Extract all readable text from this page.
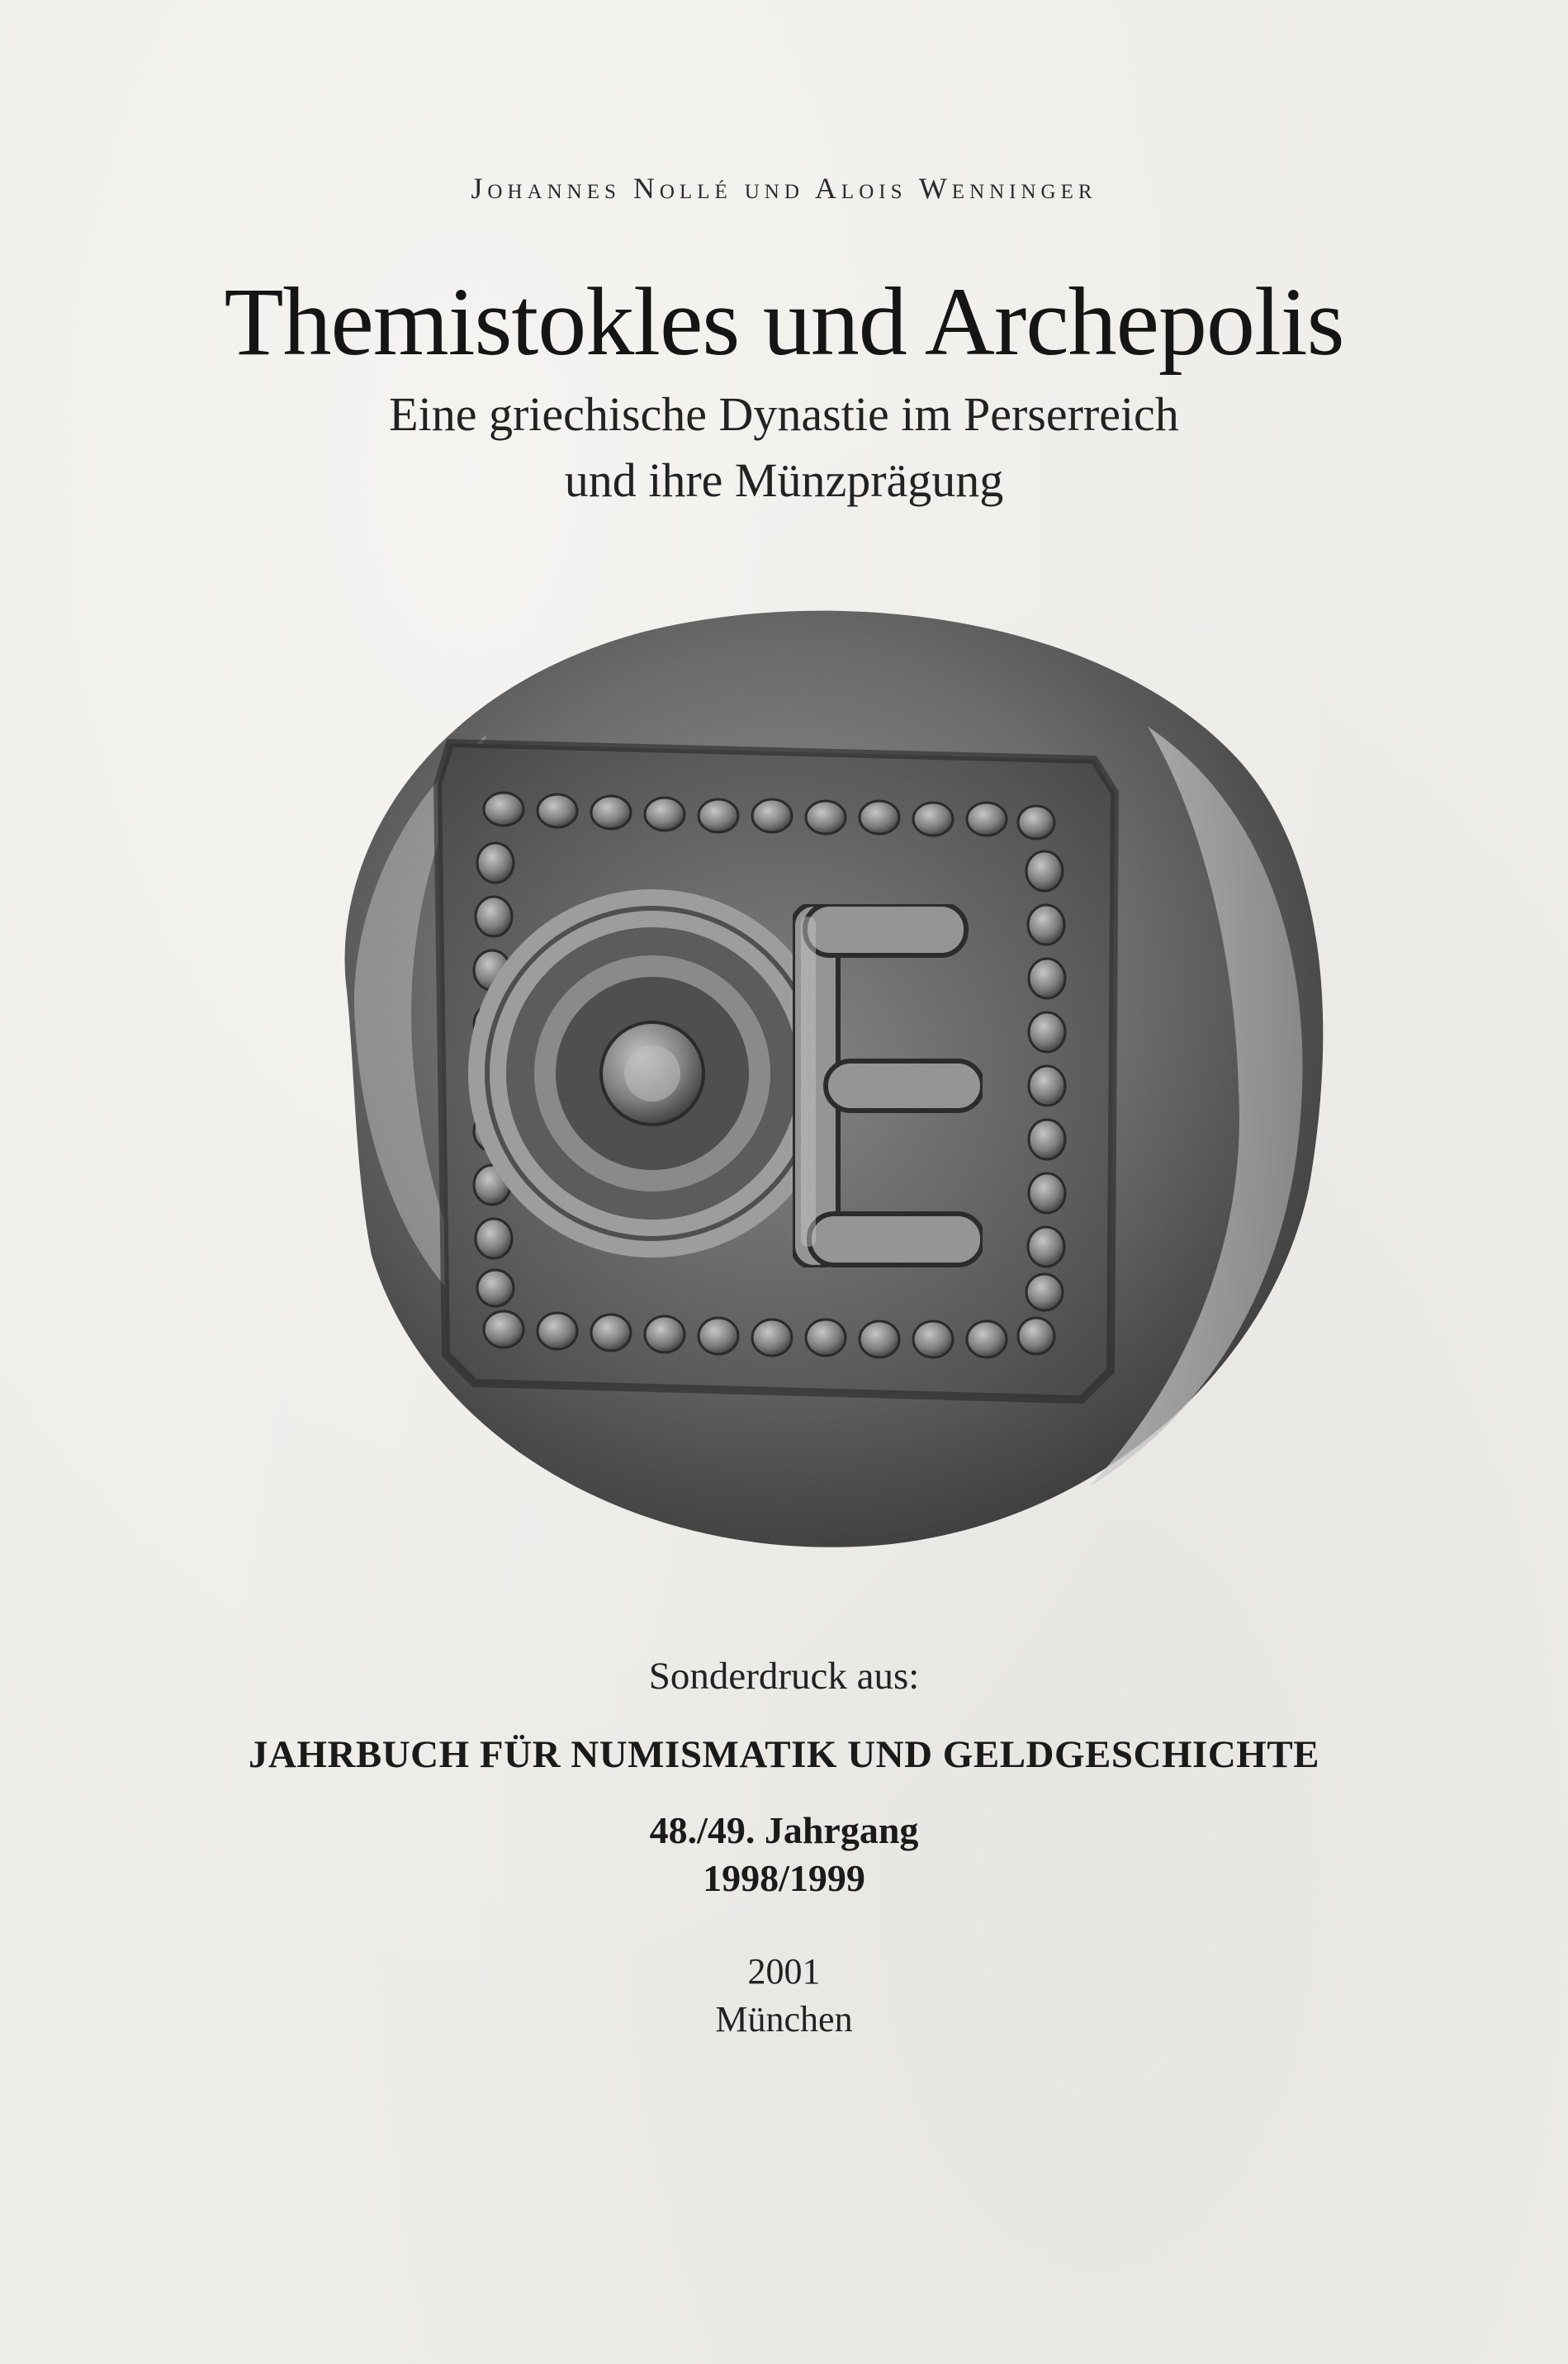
Johannes Nollé und Alois Wenninger
Themistokles und Archepolis
Eine griechische Dynastie im Perserreich
und ihre Münzprägung
Sonderdruck aus:
JAHRBUCH FÜR NUMISMATIK UND GELDGESCHICHTE
48./49. Jahrgang
1998/1999
2001
München
